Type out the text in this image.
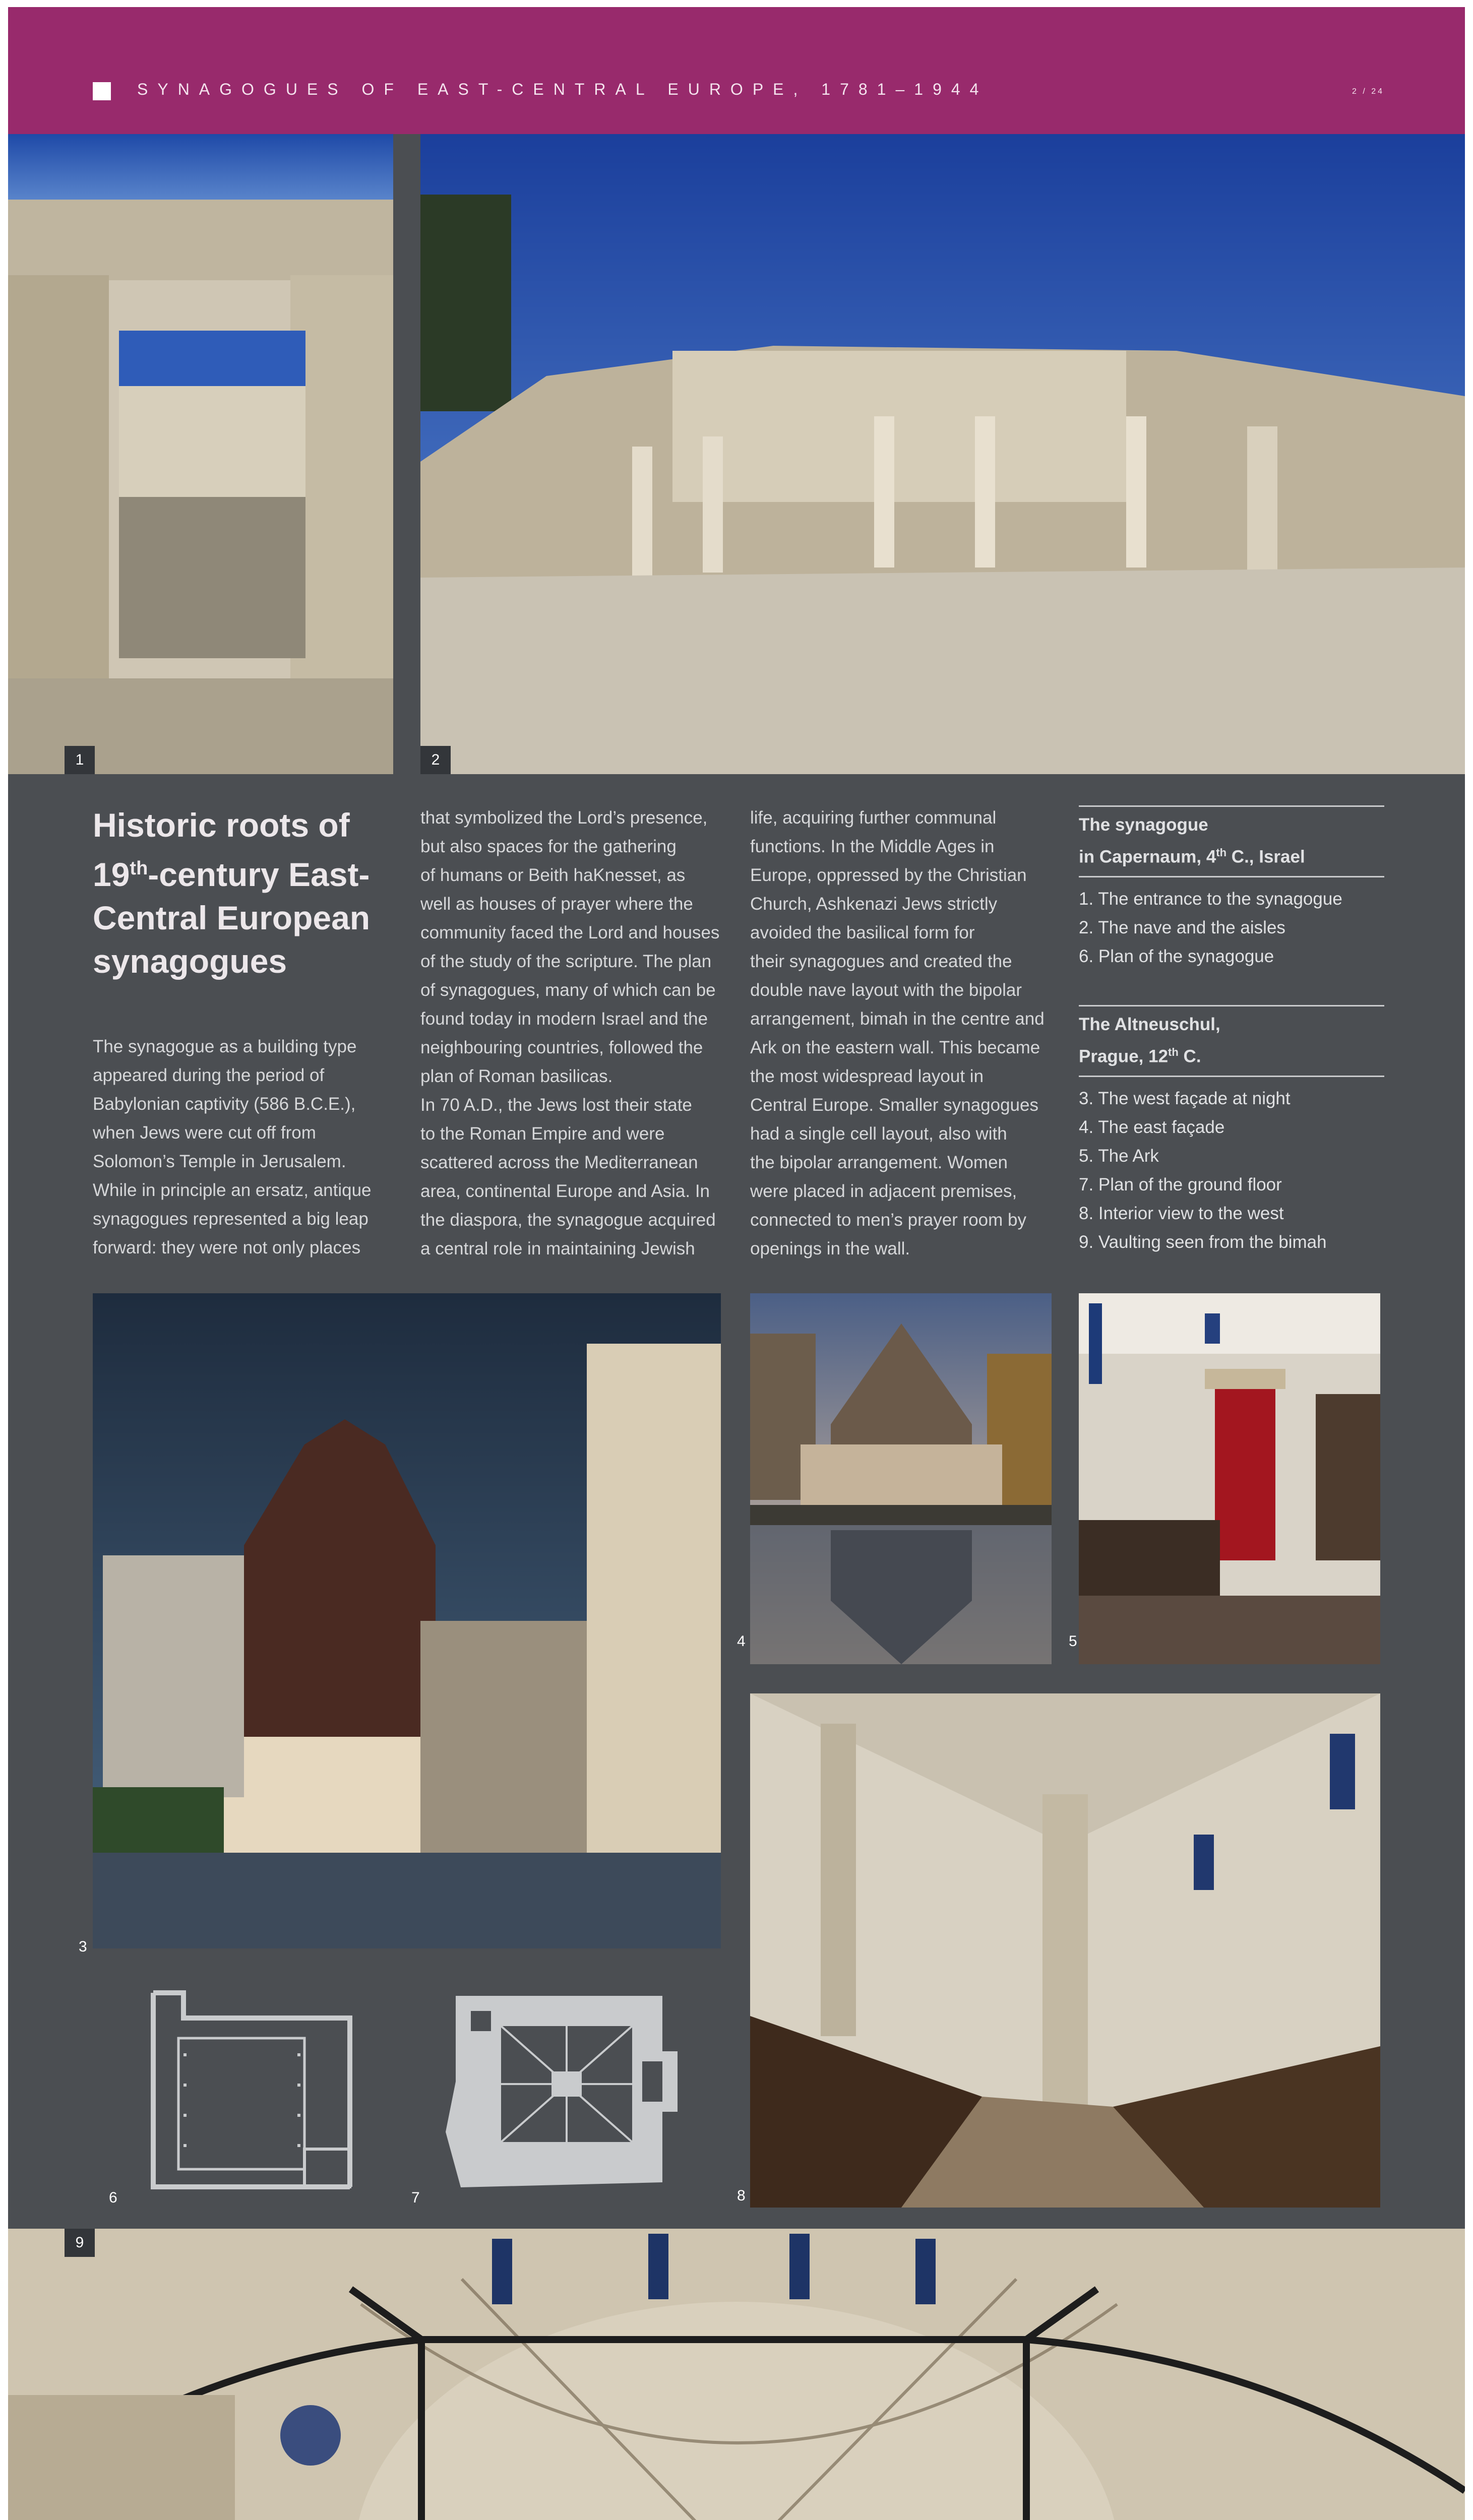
SYNAGOGUES OF EAST-CENTRAL EUROPE, 1781–1944	2 / 24
1	2
Historic roots of
19th-century East-
Central European
synagogues

The synagogue as a building type

appeared during the period of

Babylonian captivity (586 B.C.E.),

when Jews were cut off from

Solomon’s Temple in Jerusalem.

While in principle an ersatz, antique

synagogues represented a big leap

forward: they were not only places

that symbolized the Lord’s presence,

but also spaces for the gathering

of humans or Beith haKnesset, as

well as houses of prayer where the

community faced the Lord and houses

of the study of the scripture. The plan

of synagogues, many of which can be

found today in modern Israel and the

neighbouring countries, followed the

plan of Roman basilicas.

In 70 A.D., the Jews lost their state

to the Roman Empire and were

scattered across the Mediterranean

area, continental Europe and Asia. In

the diaspora, the synagogue acquired

a central role in maintaining Jewish

life, acquiring further communal

functions. In the Middle Ages in

Europe, oppressed by the Christian

Church, Ashkenazi Jews strictly

avoided the basilical form for

their synagogues and created the

double nave layout with the bipolar

arrangement, bimah in the centre and

Ark on the eastern wall. This became

the most widespread layout in

Central Europe. Smaller synagogues

had a single cell layout, also with

the bipolar arrangement. Women

were placed in adjacent premises,

connected to men’s prayer room by

openings in the wall.

The synagogue
in Capernaum, 4th C., Israel
1. The entrance to the synagogue
2. The nave and the aisles
6. Plan of the synagogue
The Altneuschul,
Prague, 12th C.
3. The west façade at night
4. The east façade
5. The Ark
7. Plan of the ground floor
8. Interior view to the west
9. Vaulting seen from the bimah
3
4	5
8
6	7
9
